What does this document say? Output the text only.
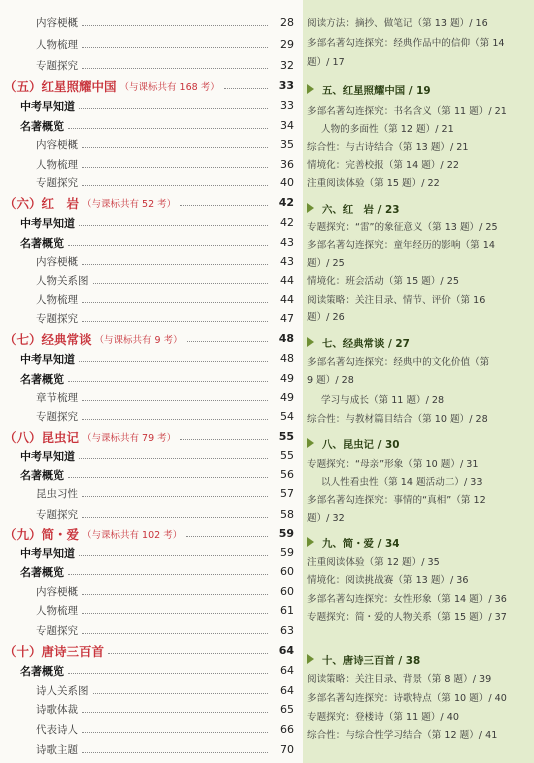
内容梗概	28
人物梳理	29
专题探究	32
（五）红星照耀中国 （与课标共有 168 考）	33
中考早知道	33
名著概览	34
内容梗概	35
人物梳理	36
专题探究	40
（六）红　岩 （与课标共有 52 考）	42
中考早知道	42
名著概览	43
内容梗概	43
人物关系图	44
人物梳理	44
专题探究	47
（七）经典常谈 （与课标共有 9 考）	48
中考早知道	48
名著概览	49
章节梳理	49
专题探究	54
（八）昆虫记 （与课标共有 79 考）	55
中考早知道	55
名著概览	56
昆虫习性	57
专题探究	58
（九）简・爱 （与课标共有 102 考）	59
中考早知道	59
名著概览	60
内容梗概	60
人物梳理	61
专题探究	63
（十）唐诗三百首	64
名著概览	64
诗人关系图	64
诗歌体裁	65
代表诗人	66
诗歌主题	70
阅读方法：摘抄、做笔记（第 13 题）/ 16
多部名著勾连探究：经典作品中的信仰（第 14
题）/ 17
五、红星照耀中国 / 19
多部名著勾连探究：书名含义（第 11 题）/ 21
人物的多面性（第 12 题）/ 21
综合性：与古诗结合（第 13 题）/ 21
情境化：完善校报（第 14 题）/ 22
注重阅读体验（第 15 题）/ 22
六、红　岩 / 23
专题探究：“雷”的象征意义（第 13 题）/ 25
多部名著勾连探究：童年经历的影响（第 14
题）/ 25
情境化：班会活动（第 15 题）/ 25
阅读策略：关注目录、情节、评价（第 16
题）/ 26
七、经典常谈 / 27
多部名著勾连探究：经典中的文化价值（第
9 题）/ 28
学习与成长（第 11 题）/ 28
综合性：与教材篇目结合（第 10 题）/ 28
八、昆虫记 / 30
专题探究：“母亲”形象（第 10 题）/ 31
以人性看虫性（第 14 题活动二）/ 33
多部名著勾连探究：事情的“真相”（第 12
题）/ 32
九、简・爱 / 34
注重阅读体验（第 12 题）/ 35
情境化：阅读挑战赛（第 13 题）/ 36
多部名著勾连探究：女性形象（第 14 题）/ 36
专题探究：简・爱的人物关系（第 15 题）/ 37
十、唐诗三百首 / 38
阅读策略：关注目录、背景（第 8 题）/ 39
多部名著勾连探究：诗歌特点（第 10 题）/ 40
专题探究：登楼诗（第 11 题）/ 40
综合性：与综合性学习结合（第 12 题）/ 41
